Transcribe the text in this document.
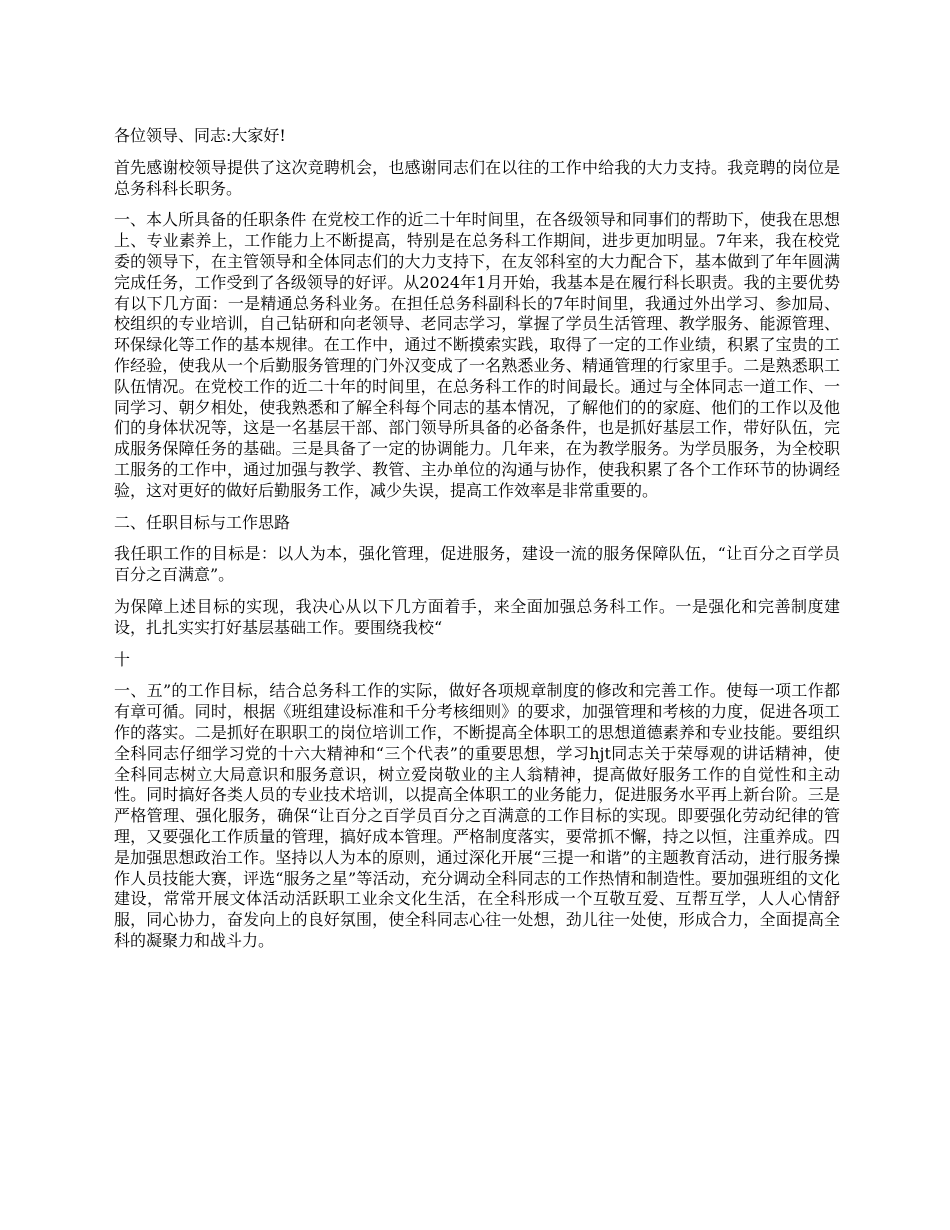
各位领导、同志:大家好!

首先感谢校领导提供了这次竞聘机会，也感谢同志们在以往的工作中给我的大力支持。我竞聘的岗位是总务科科长职务。

一、本人所具备的任职条件 在党校工作的近二十年时间里，在各级领导和同事们的帮助下，使我在思想上、专业素养上，工作能力上不断提高，特别是在总务科工作期间，进步更加明显。7年来，我在校党委的领导下，在主管领导和全体同志们的大力支持下，在友邻科室的大力配合下，基本做到了年年圆满完成任务，工作受到了各级领导的好评。从2024年1月开始，我基本是在履行科长职责。我的主要优势有以下几方面：一是精通总务科业务。在担任总务科副科长的7年时间里，我通过外出学习、参加局、校组织的专业培训，自己钻研和向老领导、老同志学习，掌握了学员生活管理、教学服务、能源管理、环保绿化等工作的基本规律。在工作中，通过不断摸索实践，取得了一定的工作业绩，积累了宝贵的工作经验，使我从一个后勤服务管理的门外汉变成了一名熟悉业务、精通管理的行家里手。二是熟悉职工队伍情况。在党校工作的近二十年的时间里，在总务科工作的时间最长。通过与全体同志一道工作、一同学习、朝夕相处，使我熟悉和了解全科每个同志的基本情况，了解他们的的家庭、他们的工作以及他们的身体状况等，这是一名基层干部、部门领导所具备的必备条件，也是抓好基层工作，带好队伍，完成服务保障任务的基础。三是具备了一定的协调能力。几年来，在为教学服务。为学员服务，为全校职工服务的工作中，通过加强与教学、教管、主办单位的沟通与协作，使我积累了各个工作环节的协调经验，这对更好的做好后勤服务工作，减少失误，提高工作效率是非常重要的。

二、任职目标与工作思路

我任职工作的目标是：以人为本，强化管理，促进服务，建设一流的服务保障队伍，“让百分之百学员百分之百满意”。

为保障上述目标的实现，我决心从以下几方面着手，来全面加强总务科工作。一是强化和完善制度建设，扎扎实实打好基层基础工作。要围绕我校“

十

一、五”的工作目标，结合总务科工作的实际，做好各项规章制度的修改和完善工作。使每一项工作都有章可循。同时，根据《班组建设标准和千分考核细则》的要求，加强管理和考核的力度，促进各项工作的落实。二是抓好在职职工的岗位培训工作，不断提高全体职工的思想道德素养和专业技能。要组织全科同志仔细学习党的十六大精神和“三个代表”的重要思想，学习hjt同志关于荣辱观的讲话精神，使全科同志树立大局意识和服务意识，树立爱岗敬业的主人翁精神，提高做好服务工作的自觉性和主动性。同时搞好各类人员的专业技术培训，以提高全体职工的业务能力，促进服务水平再上新台阶。三是严格管理、强化服务，确保“让百分之百学员百分之百满意的工作目标的实现。即要强化劳动纪律的管理，又要强化工作质量的管理，搞好成本管理。严格制度落实，要常抓不懈，持之以恒，注重养成。四是加强思想政治工作。坚持以人为本的原则，通过深化开展“三提一和谐”的主题教育活动，进行服务操作人员技能大赛，评选“服务之星”等活动，充分调动全科同志的工作热情和制造性。要加强班组的文化建设，常常开展文体活动活跃职工业余文化生活，在全科形成一个互敬互爱、互帮互学，人人心情舒服，同心协力，奋发向上的良好氛围，使全科同志心往一处想，劲儿往一处使，形成合力，全面提高全科的凝聚力和战斗力。
